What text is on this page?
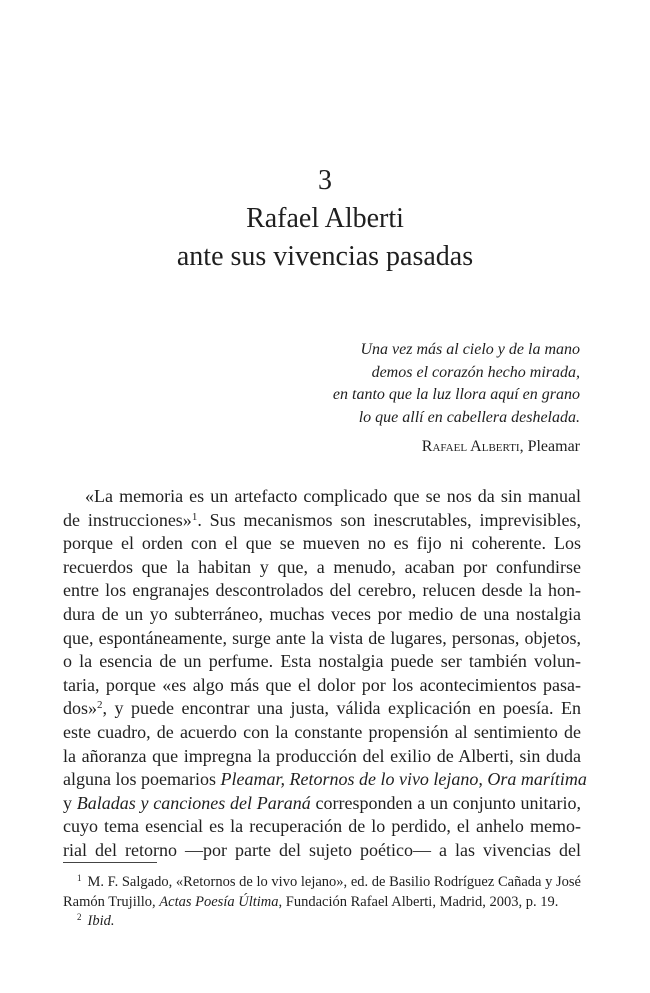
3
Rafael Alberti
ante sus vivencias pasadas
Una vez más al cielo y de la mano
demos el corazón hecho mirada,
en tanto que la luz llora aquí en grano
lo que allí en cabellera deshelada.
Rafael Alberti, Pleamar
«La memoria es un artefacto complicado que se nos da sin manual
de instrucciones»$^1$. Sus mecanismos son inescrutables, imprevisibles,
porque el orden con el que se mueven no es fijo ni coherente. Los
recuerdos que la habitan y que, a menudo, acaban por confundirse
entre los engranajes descontrolados del cerebro, relucen desde la hon-
dura de un yo subterráneo, muchas veces por medio de una nostalgia
que, espontáneamente, surge ante la vista de lugares, personas, objetos,
o la esencia de un perfume. Esta nostalgia puede ser también volun-
taria, porque «es algo más que el dolor por los acontecimientos pasa-
dos»$^2$, y puede encontrar una justa, válida explicación en poesía. En
este cuadro, de acuerdo con la constante propensión al sentimiento de
la añoranza que impregna la producción del exilio de Alberti, sin duda
alguna los poemarios Pleamar, Retornos de lo vivo lejano, Ora marítima
y Baladas y canciones del Paraná corresponden a un conjunto unitario,
cuyo tema esencial es la recuperación de lo perdido, el anhelo memo-
rial del retorno —por parte del sujeto poético— a las vivencias del
$^1$ M. F. Salgado, «Retornos de lo vivo lejano», ed. de Basilio Rodríguez Cañada y José
Ramón Trujillo, Actas Poesía Última, Fundación Rafael Alberti, Madrid, 2003, p. 19.
$^2$ Ibid.
